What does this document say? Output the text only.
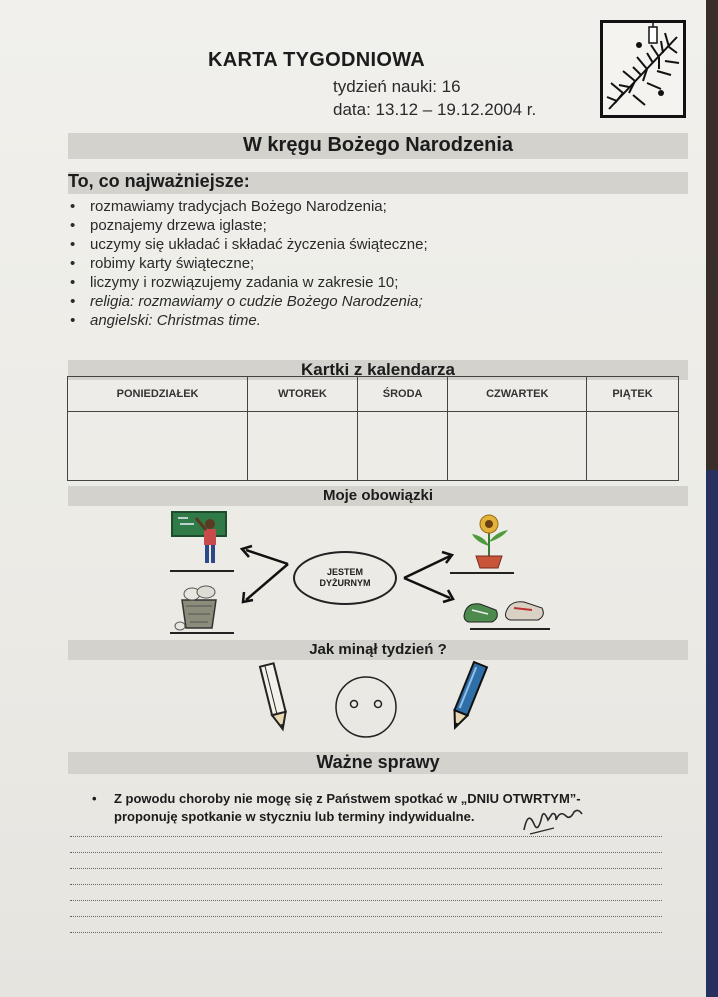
KARTA TYGODNIOWA
tydzień nauki: 16
data: 13.12 – 19.12.2004 r.
W kręgu Bożego Narodzenia
To, co najważniejsze:
• rozmawiamy tradycjach Bożego Narodzenia;
• poznajemy drzewa iglaste;
• uczymy się układać i składać życzenia świąteczne;
• robimy karty świąteczne;
• liczymy i rozwiązujemy zadania w zakresie 10;
• religia: rozmawiamy o cudzie Bożego Narodzenia;
• angielski: Christmas time.
Kartki z kalendarza
PONIEDZIAŁEK	WTOREK	ŚRODA	CZWARTEK	PIĄTEK

Moje obowiązki
JESTEM
DYŻURNYM
Jak minął tydzień ?
Ważne sprawy
• Z powodu choroby nie mogę się z Państwem spotkać w „DNIU OTWRTYM”-
proponuję spotkanie w styczniu lub terminy indywidualne.
